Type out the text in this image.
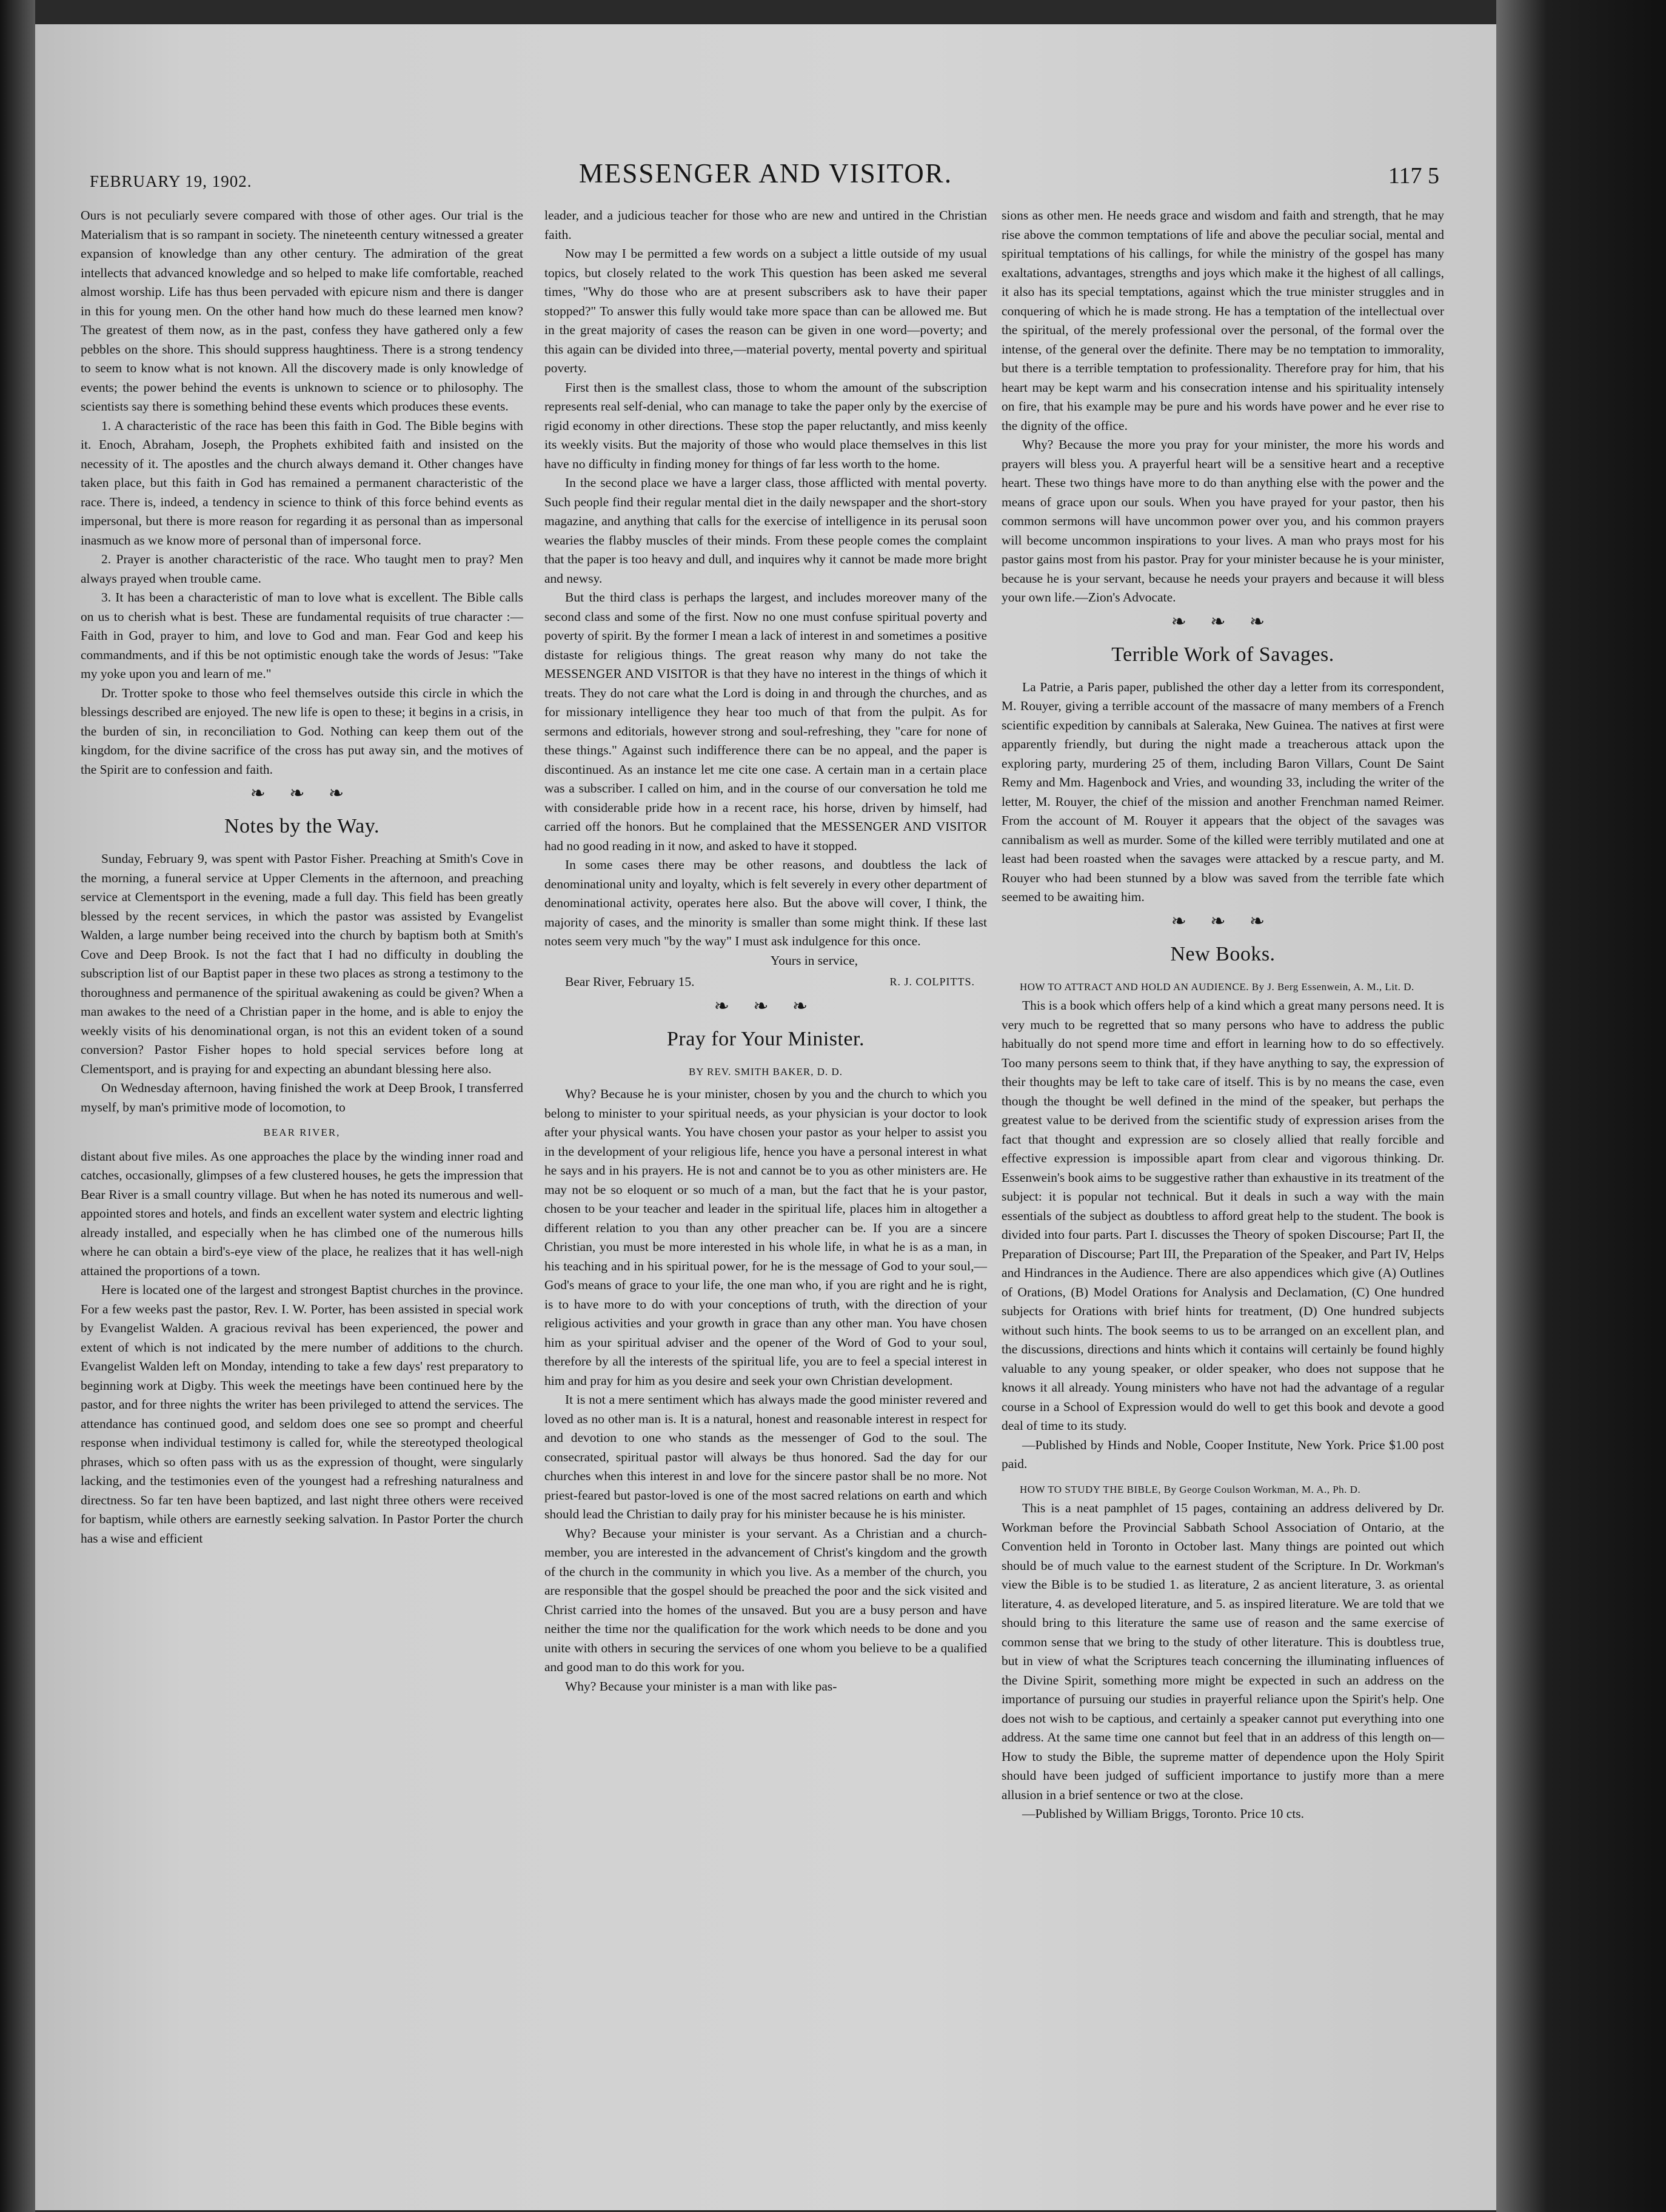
FEBRUARY 19, 1902.	MESSENGER AND VISITOR.	117 5

Ours is not peculiarly severe compared with those of other ages. Our trial is the Materialism that is so rampant in society. The nineteenth century witnessed a greater expansion of knowledge than any other century. The admiration of the great intellects that advanced knowledge and so helped to make life comfortable, reached almost worship. Life has thus been pervaded with epicure nism and there is danger in this for young men. On the other hand how much do these learned men know? The greatest of them now, as in the past, confess they have gathered only a few pebbles on the shore. This should suppress haughtiness. There is a strong tendency to seem to know what is not known. All the discovery made is only knowledge of events; the power behind the events is unknown to science or to philosophy. The scientists say there is something behind these events which produces these events.

1. A characteristic of the race has been this faith in God. The Bible begins with it. Enoch, Abraham, Joseph, the Prophets exhibited faith and insisted on the necessity of it. The apostles and the church always demand it. Other changes have taken place, but this faith in God has remained a permanent characteristic of the race. There is, indeed, a tendency in science to think of this force behind events as impersonal, but there is more reason for regarding it as personal than as impersonal inasmuch as we know more of personal than of impersonal force.

2. Prayer is another characteristic of the race. Who taught men to pray? Men always prayed when trouble came.

3. It has been a characteristic of man to love what is excellent. The Bible calls on us to cherish what is best. These are fundamental requisits of true character :— Faith in God, prayer to him, and love to God and man. Fear God and keep his commandments, and if this be not optimistic enough take the words of Jesus: "Take my yoke upon you and learn of me."

Dr. Trotter spoke to those who feel themselves outside this circle in which the blessings described are enjoyed. The new life is open to these; it begins in a crisis, in the burden of sin, in reconciliation to God. Nothing can keep them out of the kingdom, for the divine sacrifice of the cross has put away sin, and the motives of the Spirit are to confession and faith.

❧ ❧ ❧
Notes by the Way.

Sunday, February 9, was spent with Pastor Fisher. Preaching at Smith's Cove in the morning, a funeral service at Upper Clements in the afternoon, and preaching service at Clementsport in the evening, made a full day. This field has been greatly blessed by the recent services, in which the pastor was assisted by Evangelist Walden, a large number being received into the church by baptism both at Smith's Cove and Deep Brook. Is not the fact that I had no difficulty in doubling the subscription list of our Baptist paper in these two places as strong a testimony to the thoroughness and permanence of the spiritual awakening as could be given? When a man awakes to the need of a Christian paper in the home, and is able to enjoy the weekly visits of his denominational organ, is not this an evident token of a sound conversion? Pastor Fisher hopes to hold special services before long at Clementsport, and is praying for and expecting an abundant blessing here also.

On Wednesday afternoon, having finished the work at Deep Brook, I transferred myself, by man's primitive mode of locomotion, to

BEAR RIVER,

distant about five miles. As one approaches the place by the winding inner road and catches, occasionally, glimpses of a few clustered houses, he gets the impression that Bear River is a small country village. But when he has noted its numerous and well-appointed stores and hotels, and finds an excellent water system and electric lighting already installed, and especially when he has climbed one of the numerous hills where he can obtain a bird's-eye view of the place, he realizes that it has well-nigh attained the proportions of a town.

Here is located one of the largest and strongest Baptist churches in the province. For a few weeks past the pastor, Rev. I. W. Porter, has been assisted in special work by Evangelist Walden. A gracious revival has been experienced, the power and extent of which is not indicated by the mere number of additions to the church. Evangelist Walden left on Monday, intending to take a few days' rest preparatory to beginning work at Digby. This week the meetings have been continued here by the pastor, and for three nights the writer has been privileged to attend the services. The attendance has continued good, and seldom does one see so prompt and cheerful response when individual testimony is called for, while the stereotyped theological phrases, which so often pass with us as the expression of thought, were singularly lacking, and the testimonies even of the youngest had a refreshing naturalness and directness. So far ten have been baptized, and last night three others were received for baptism, while others are earnestly seeking salvation. In Pastor Porter the church has a wise and efficient

leader, and a judicious teacher for those who are new and untired in the Christian faith.

Now may I be permitted a few words on a subject a little outside of my usual topics, but closely related to the work This question has been asked me several times, "Why do those who are at present subscribers ask to have their paper stopped?" To answer this fully would take more space than can be allowed me. But in the great majority of cases the reason can be given in one word—poverty; and this again can be divided into three,—material poverty, mental poverty and spiritual poverty.

First then is the smallest class, those to whom the amount of the subscription represents real self-denial, who can manage to take the paper only by the exercise of rigid economy in other directions. These stop the paper reluctantly, and miss keenly its weekly visits. But the majority of those who would place themselves in this list have no difficulty in finding money for things of far less worth to the home.

In the second place we have a larger class, those afflicted with mental poverty. Such people find their regular mental diet in the daily newspaper and the short-story magazine, and anything that calls for the exercise of intelligence in its perusal soon wearies the flabby muscles of their minds. From these people comes the complaint that the paper is too heavy and dull, and inquires why it cannot be made more bright and newsy.

But the third class is perhaps the largest, and includes moreover many of the second class and some of the first. Now no one must confuse spiritual poverty and poverty of spirit. By the former I mean a lack of interest in and sometimes a positive distaste for religious things. The great reason why many do not take the MESSENGER AND VISITOR is that they have no interest in the things of which it treats. They do not care what the Lord is doing in and through the churches, and as for missionary intelligence they hear too much of that from the pulpit. As for sermons and editorials, however strong and soul-refreshing, they "care for none of these things." Against such indifference there can be no appeal, and the paper is discontinued. As an instance let me cite one case. A certain man in a certain place was a subscriber. I called on him, and in the course of our conversation he told me with considerable pride how in a recent race, his horse, driven by himself, had carried off the honors. But he complained that the MESSENGER AND VISITOR had no good reading in it now, and asked to have it stopped.

In some cases there may be other reasons, and doubtless the lack of denominational unity and loyalty, which is felt severely in every other department of denominational activity, operates here also. But the above will cover, I think, the majority of cases, and the minority is smaller than some might think. If these last notes seem very much "by the way" I must ask indulgence for this once.

Yours in service,
Bear River, February 15.	R. J. COLPITTS.
❧ ❧ ❧
Pray for Your Minister.
BY REV. SMITH BAKER, D. D.

Why? Because he is your minister, chosen by you and the church to which you belong to minister to your spiritual needs, as your physician is your doctor to look after your physical wants. You have chosen your pastor as your helper to assist you in the development of your religious life, hence you have a personal interest in what he says and in his prayers. He is not and cannot be to you as other ministers are. He may not be so eloquent or so much of a man, but the fact that he is your pastor, chosen to be your teacher and leader in the spiritual life, places him in altogether a different relation to you than any other preacher can be. If you are a sincere Christian, you must be more interested in his whole life, in what he is as a man, in his teaching and in his spiritual power, for he is the message of God to your soul,—God's means of grace to your life, the one man who, if you are right and he is right, is to have more to do with your conceptions of truth, with the direction of your religious activities and your growth in grace than any other man. You have chosen him as your spiritual adviser and the opener of the Word of God to your soul, therefore by all the interests of the spiritual life, you are to feel a special interest in him and pray for him as you desire and seek your own Christian development.

It is not a mere sentiment which has always made the good minister revered and loved as no other man is. It is a natural, honest and reasonable interest in respect for and devotion to one who stands as the messenger of God to the soul. The consecrated, spiritual pastor will always be thus honored. Sad the day for our churches when this interest in and love for the sincere pastor shall be no more. Not priest-feared but pastor-loved is one of the most sacred relations on earth and which should lead the Christian to daily pray for his minister because he is his minister.

Why? Because your minister is your servant. As a Christian and a church-member, you are interested in the advancement of Christ's kingdom and the growth of the church in the community in which you live. As a member of the church, you are responsible that the gospel should be preached the poor and the sick visited and Christ carried into the homes of the unsaved. But you are a busy person and have neither the time nor the qualification for the work which needs to be done and you unite with others in securing the services of one whom you believe to be a qualified and good man to do this work for you.

Why? Because your minister is a man with like pas-

sions as other men. He needs grace and wisdom and faith and strength, that he may rise above the common temptations of life and above the peculiar social, mental and spiritual temptations of his callings, for while the ministry of the gospel has many exaltations, advantages, strengths and joys which make it the highest of all callings, it also has its special temptations, against which the true minister struggles and in conquering of which he is made strong. He has a temptation of the intellectual over the spiritual, of the merely professional over the personal, of the formal over the intense, of the general over the definite. There may be no temptation to immorality, but there is a terrible temptation to professionality. Therefore pray for him, that his heart may be kept warm and his consecration intense and his spirituality intensely on fire, that his example may be pure and his words have power and he ever rise to the dignity of the office.

Why? Because the more you pray for your minister, the more his words and prayers will bless you. A prayerful heart will be a sensitive heart and a receptive heart. These two things have more to do than anything else with the power and the means of grace upon our souls. When you have prayed for your pastor, then his common sermons will have uncommon power over you, and his common prayers will become uncommon inspirations to your lives. A man who prays most for his pastor gains most from his pastor. Pray for your minister because he is your minister, because he is your servant, because he needs your prayers and because it will bless your own life.—Zion's Advocate.

❧ ❧ ❧
Terrible Work of Savages.

La Patrie, a Paris paper, published the other day a letter from its correspondent, M. Rouyer, giving a terrible account of the massacre of many members of a French scientific expedition by cannibals at Saleraka, New Guinea. The natives at first were apparently friendly, but during the night made a treacherous attack upon the exploring party, murdering 25 of them, including Baron Villars, Count De Saint Remy and Mm. Hagenbock and Vries, and wounding 33, including the writer of the letter, M. Rouyer, the chief of the mission and another Frenchman named Reimer. From the account of M. Rouyer it appears that the object of the savages was cannibalism as well as murder. Some of the killed were terribly mutilated and one at least had been roasted when the savages were attacked by a rescue party, and M. Rouyer who had been stunned by a blow was saved from the terrible fate which seemed to be awaiting him.

❧ ❧ ❧
New Books.

HOW TO ATTRACT AND HOLD AN AUDIENCE. By J. Berg Essenwein, A. M., Lit. D.

This is a book which offers help of a kind which a great many persons need. It is very much to be regretted that so many persons who have to address the public habitually do not spend more time and effort in learning how to do so effectively. Too many persons seem to think that, if they have anything to say, the expression of their thoughts may be left to take care of itself. This is by no means the case, even though the thought be well defined in the mind of the speaker, but perhaps the greatest value to be derived from the scientific study of expression arises from the fact that thought and expression are so closely allied that really forcible and effective expression is impossible apart from clear and vigorous thinking. Dr. Essenwein's book aims to be suggestive rather than exhaustive in its treatment of the subject: it is popular not technical. But it deals in such a way with the main essentials of the subject as doubtless to afford great help to the student. The book is divided into four parts. Part I. discusses the Theory of spoken Discourse; Part II, the Preparation of Discourse; Part III, the Preparation of the Speaker, and Part IV, Helps and Hindrances in the Audience. There are also appendices which give (A) Outlines of Orations, (B) Model Orations for Analysis and Declamation, (C) One hundred subjects for Orations with brief hints for treatment, (D) One hundred subjects without such hints. The book seems to us to be arranged on an excellent plan, and the discussions, directions and hints which it contains will certainly be found highly valuable to any young speaker, or older speaker, who does not suppose that he knows it all already. Young ministers who have not had the advantage of a regular course in a School of Expression would do well to get this book and devote a good deal of time to its study.

—Published by Hinds and Noble, Cooper Institute, New York. Price $1.00 post paid.

HOW TO STUDY THE BIBLE, By George Coulson Workman, M. A., Ph. D.

This is a neat pamphlet of 15 pages, containing an address delivered by Dr. Workman before the Provincial Sabbath School Association of Ontario, at the Convention held in Toronto in October last. Many things are pointed out which should be of much value to the earnest student of the Scripture. In Dr. Workman's view the Bible is to be studied 1. as literature, 2 as ancient literature, 3. as oriental literature, 4. as developed literature, and 5. as inspired literature. We are told that we should bring to this literature the same use of reason and the same exercise of common sense that we bring to the study of other literature. This is doubtless true, but in view of what the Scriptures teach concerning the illuminating influences of the Divine Spirit, something more might be expected in such an address on the importance of pursuing our studies in prayerful reliance upon the Spirit's help. One does not wish to be captious, and certainly a speaker cannot put everything into one address. At the same time one cannot but feel that in an address of this length on—How to study the Bible, the supreme matter of dependence upon the Holy Spirit should have been judged of sufficient importance to justify more than a mere allusion in a brief sentence or two at the close.

—Published by William Briggs, Toronto. Price 10 cts.
